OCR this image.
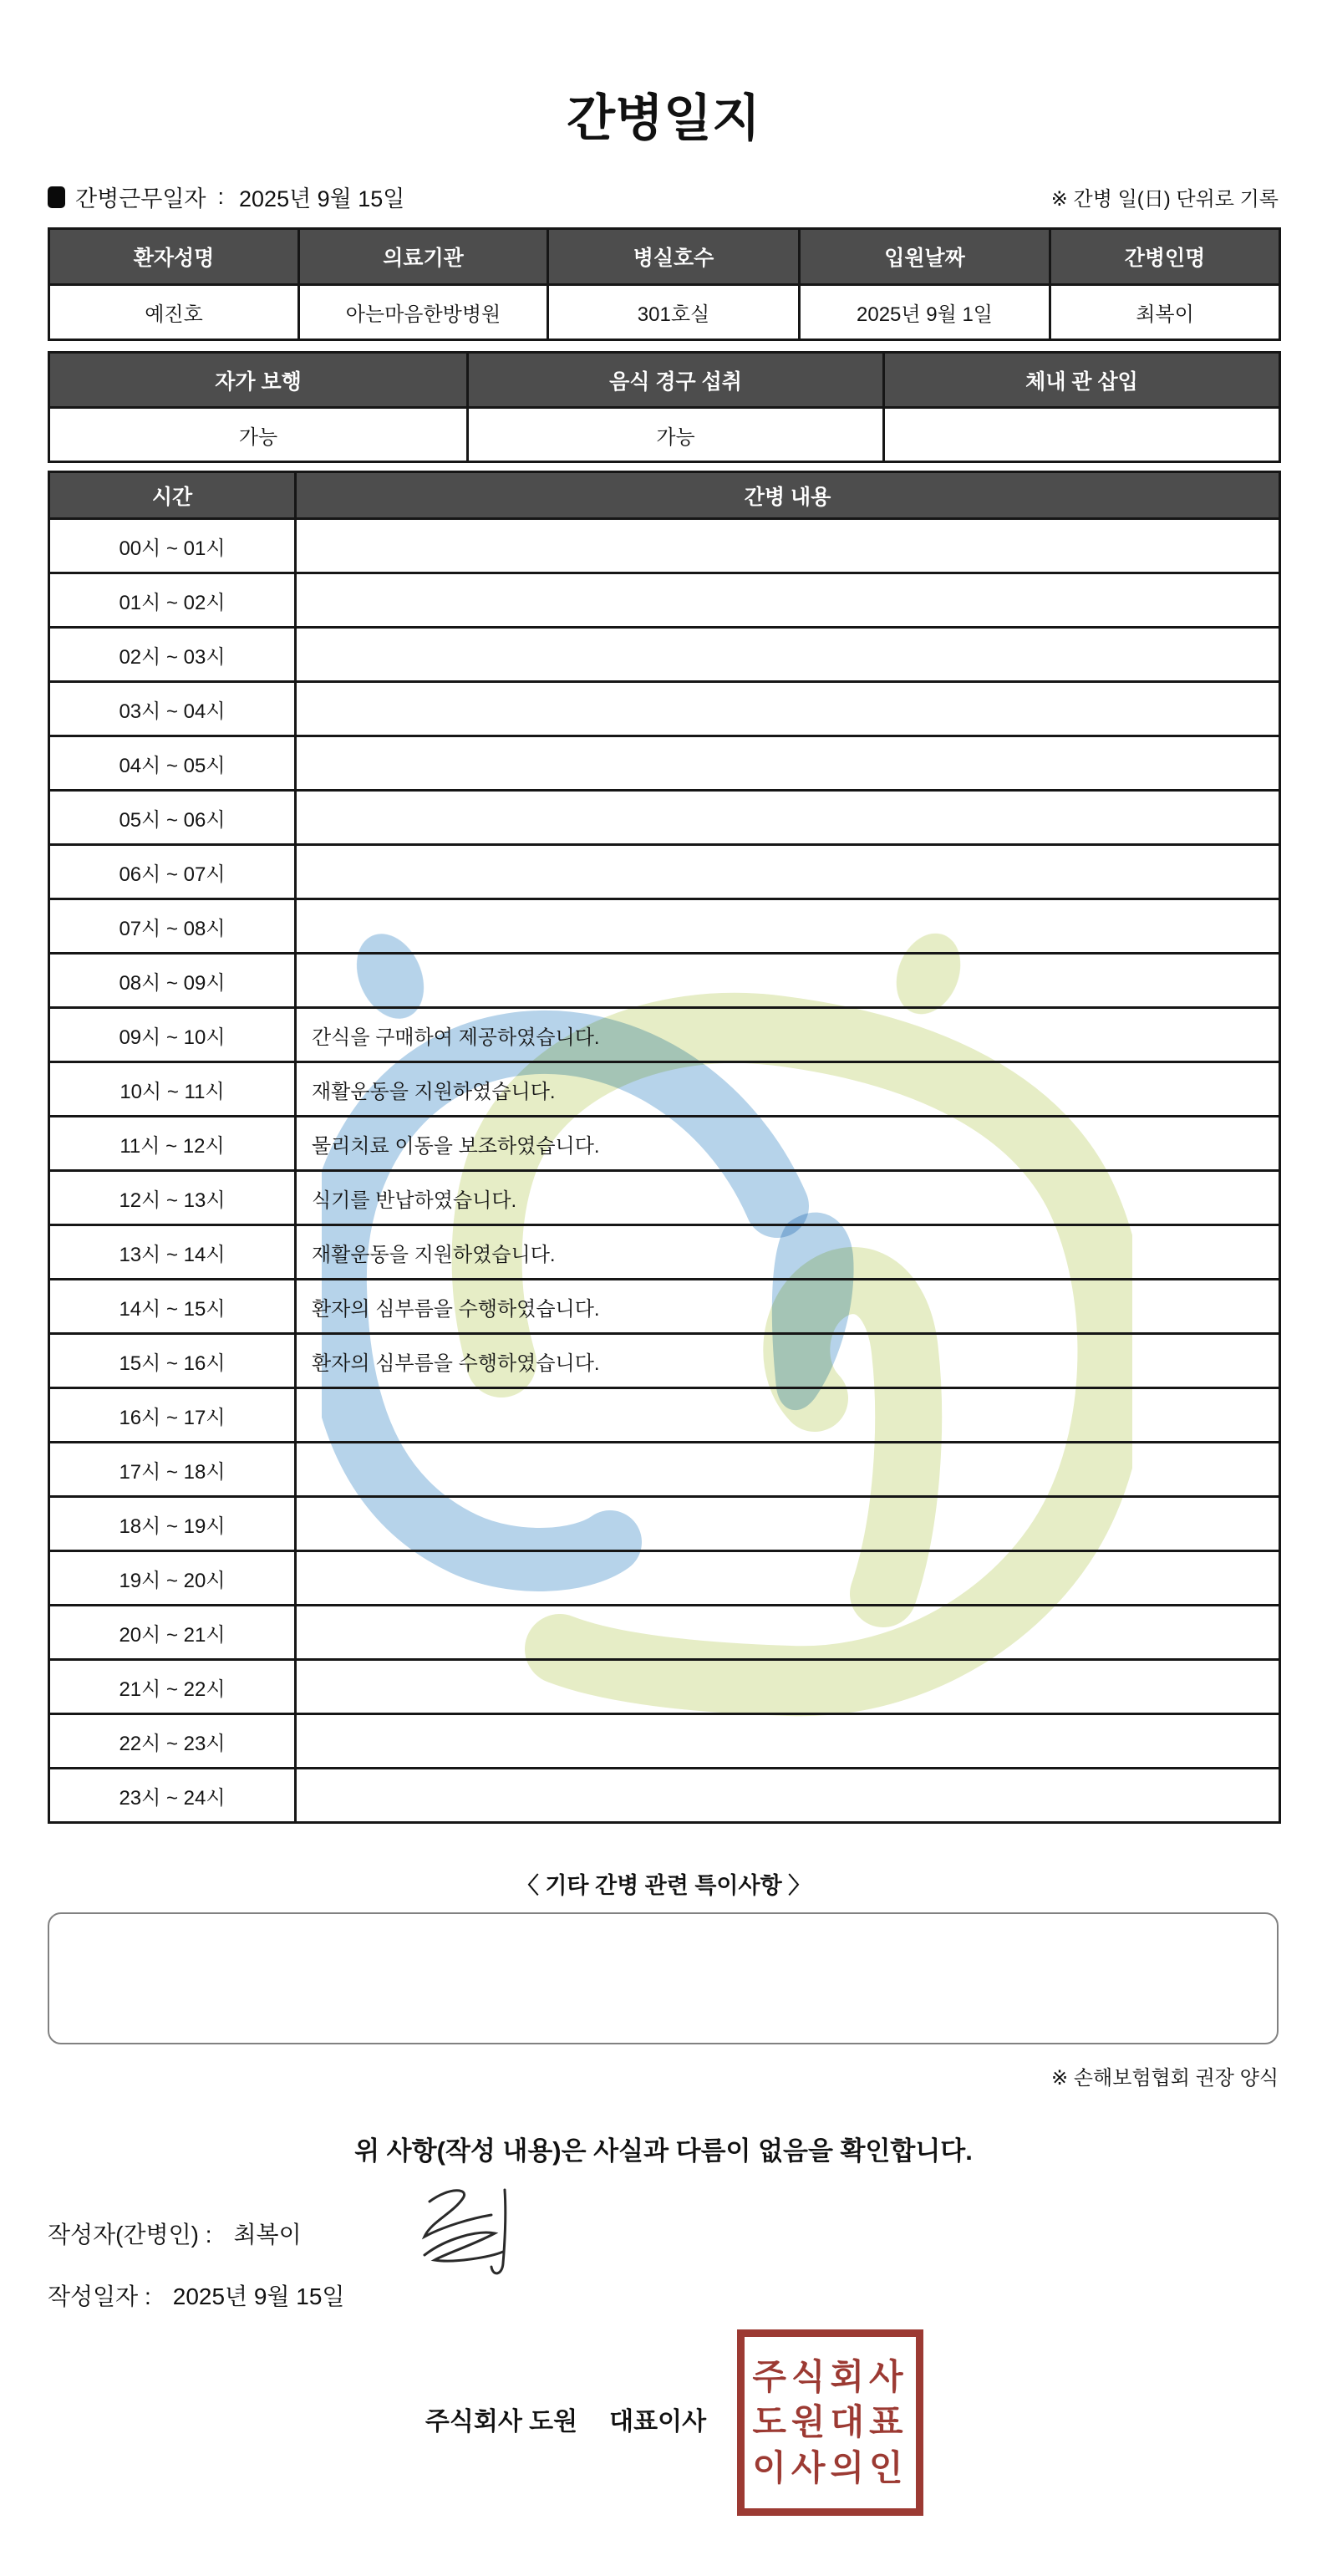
간병일지
간병근무일자 : 2025년 9월 15일	※ 간병 일(日) 단위로 기록
환자성명	의료기관	병실호수	입원날짜	간병인명
예진호	아는마음한방병원	301호실	2025년 9월 1일	최복이
자가 보행	음식 경구 섭취	체내 관 삽입
가능	가능	
시간	간병 내용
00시 ~ 01시	
01시 ~ 02시	
02시 ~ 03시	
03시 ~ 04시	
04시 ~ 05시	
05시 ~ 06시	
06시 ~ 07시	
07시 ~ 08시	
08시 ~ 09시	
09시 ~ 10시	간식을 구매하여 제공하였습니다.
10시 ~ 11시	재활운동을 지원하였습니다.
11시 ~ 12시	물리치료 이동을 보조하였습니다.
12시 ~ 13시	식기를 반납하였습니다.
13시 ~ 14시	재활운동을 지원하였습니다.
14시 ~ 15시	환자의 심부름을 수행하였습니다.
15시 ~ 16시	환자의 심부름을 수행하였습니다.
16시 ~ 17시	
17시 ~ 18시	
18시 ~ 19시	
19시 ~ 20시	
20시 ~ 21시	
21시 ~ 22시	
22시 ~ 23시	
23시 ~ 24시	
〈 기타 간병 관련 특이사항 〉
※ 손해보험협회 권장 양식
위 사항(작성 내용)은 사실과 다름이 없음을 확인합니다.
작성자(간병인) : 최복이
작성일자 : 2025년 9월 15일
주식회사 도원 대표이사
주식회사
도원대표
이사의인
